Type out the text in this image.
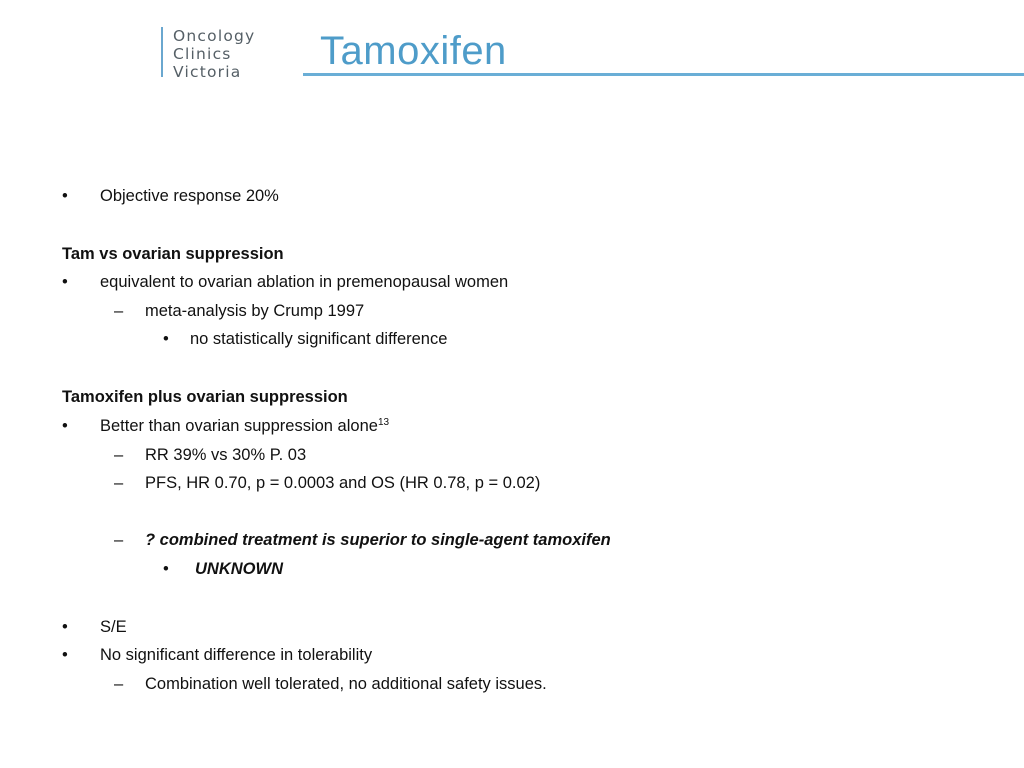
Oncology
Clinics
Victoria	Tamoxifen
• Objective response 20%
Tam vs ovarian suppression
• equivalent to ovarian ablation in premenopausal women
– meta-analysis by Crump 1997
• no statistically significant difference
Tamoxifen plus ovarian suppression
• Better than ovarian suppression alone$^{13}$
– RR 39% vs 30% P. 03
– PFS, HR 0.70, p = 0.0003 and OS (HR 0.78, p = 0.02)
– ? combined treatment is superior to single-agent tamoxifen
• UNKNOWN
• S/E
• No significant difference in tolerability
– Combination well tolerated, no additional safety issues.
